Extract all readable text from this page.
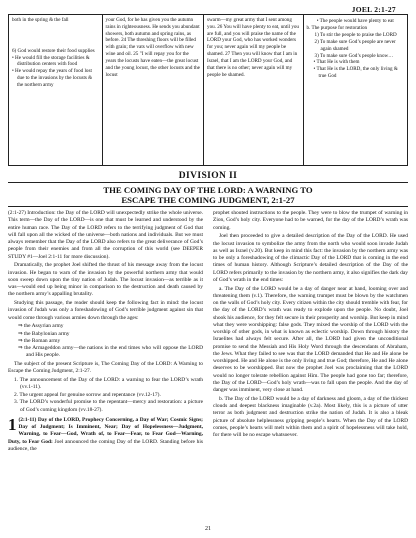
JOEL 2:1-27

both in the spring & the fall

6) God would restore their food supplies

• He would fill the storage facilities & distribution centers with food

• He would repay the years of food lost due to the invasions by the locusts & the northern army

your God, for he has given you the autumn rains in righteousness. He sends you abundant showers, both autumn and spring rains, as before. 24 The threshing floors will be filled with grain; the vats will overflow with new wine and oil. 25 "I will repay you for the years the locusts have eaten—the great locust and the young locust, the other locusts and the locust

swarm—my great army that I sent among you. 26 You will have plenty to eat, until you are full, and you will praise the name of the LORD your God, who has worked wonders for you; never again will my people be shamed. 27 Then you will know that I am in Israel, that I am the LORD your God, and that there is no other; never again will my people be shamed.

• The people would have plenty to eat

b. The purpose for restoration

1) To stir the people to praise the LORD

2) To make sure God’s people are never again shamed

3) To make sure God’s people know…

• That He is with them

• That He is the LORD, the only living & true God

DIVISION II
THE COMING DAY OF THE LORD: A WARNING TO
ESCAPE THE COMING JUDGMENT, 2:1-27

(2:1-27) Introduction: the Day of the LORD will unexpectedly strike the whole universe. This term—the Day of the LORD—is one that must be learned and understood by the entire human race. The Day of the LORD refers to the terrifying judgment of God that will fall upon all the wicked of the universe—both nations and individuals. But we must always remember that the Day of the LORD also refers to the great deliverance of God’s people from their enemies and from all the corruption of this world (see DEEPER STUDY #1—Joel 2:1-11 for more discussion).

Dramatically, the prophet Joel shifted the thrust of his message away from the locust invasion. He began to warn of the invasion by the powerful northern army that would soon sweep down upon the tiny nation of Judah. The locust invasion—as terrible as it was—would end up being minor in comparison to the destruction and death caused by the northern army’s appalling brutality.

Studying this passage, the reader should keep the following fact in mind: the locust invasion of Judah was only a foreshadowing of God’s terrible judgment against sin that would come through various armies down through the ages:

⇒ the Assyrian army
⇒ the Babylonian army
⇒ the Roman army
⇒ the Armageddon army—the nations in the end times who will oppose the LORD and His people.

The subject of the present Scripture is, The Coming Day of the LORD: A Warning to Escape the Coming Judgment, 2:1-27.

1. The announcement of the Day of the LORD: a warning to fear the LORD’s wrath (vv.1-11).
2. The urgent appeal for genuine sorrow and repentance (vv.12-17).
3. The LORD’s wonderful promise to the repentant—mercy and restoration: a picture of God’s coming kingdom (vv.18-27).

1 (2:1-11) Day of the LORD, Prophecy Concerning, a Day of War; Cosmic Signs; Day of Judgment; Is Imminent, Near; Day of Hopelessness—Judgment, Warning, to Fear—God, Wrath of, to Fear—Fear, to Fear God—Warning, Duty, to Fear God: Joel announced the coming Day of the LORD. Standing before his audience, the

prophet shouted instructions to the people. They were to blow the trumpet of warning in Zion, God’s holy city. Everyone had to be warned, for the day of the LORD’s wrath was coming.

Joel then proceeded to give a detailed description of the Day of the LORD. He used the locust invasion to symbolize the army from the north who would soon invade Judah as well as Israel (v.20). But keep in mind this fact: the invasion by the northern army was to be only a foreshadowing of the climactic Day of the LORD that is coming in the end times of human history. Although Scripture’s detailed description of the Day of the LORD refers primarily to the invasion by the northern army, it also signifies the dark day of God’s wrath in the end times:

a. The Day of the LORD would be a day of danger near at hand, looming over and threatening them (v.1). Therefore, the warning trumpet must be blown by the watchmen on the walls of God’s holy city. Every citizen within the city should tremble with fear, for the day of the LORD’s wrath was ready to explode upon the people. No doubt, Joel shook his audience, for they felt secure in their prosperity and worship. But keep in mind what they were worshipping: false gods. They mixed the worship of the LORD with the worship of other gods, in what is known as eclectic worship. Down through history the Israelites had always felt secure. After all, the LORD had given the unconditional promise to send the Messiah and His Holy Word through the descendants of Abraham, the Jews. What they failed to see was that the LORD demanded that He and He alone be worshipped. He and He alone is the only living and true God; therefore, He and He alone deserves to be worshipped. But now the prophet Joel was proclaiming that the LORD would no longer tolerate rebellion against Him. The people had gone too far; therefore, the Day of the LORD—God’s holy wrath—was to fall upon the people. And the day of danger was imminent, very close at hand.

b. The Day of the LORD would be a day of darkness and gloom, a day of the thickest clouds and deepest blackness imaginable (v.2a). Most likely, this is a picture of utter terror as both judgment and destruction strike the nation of Judah. It is also a bleak picture of absolute helplessness gripping people’s hearts. When the Day of the LORD comes, people’s hearts will melt within them and a spirit of hopelessness will take hold, for there will be no escape whatsoever.

21
